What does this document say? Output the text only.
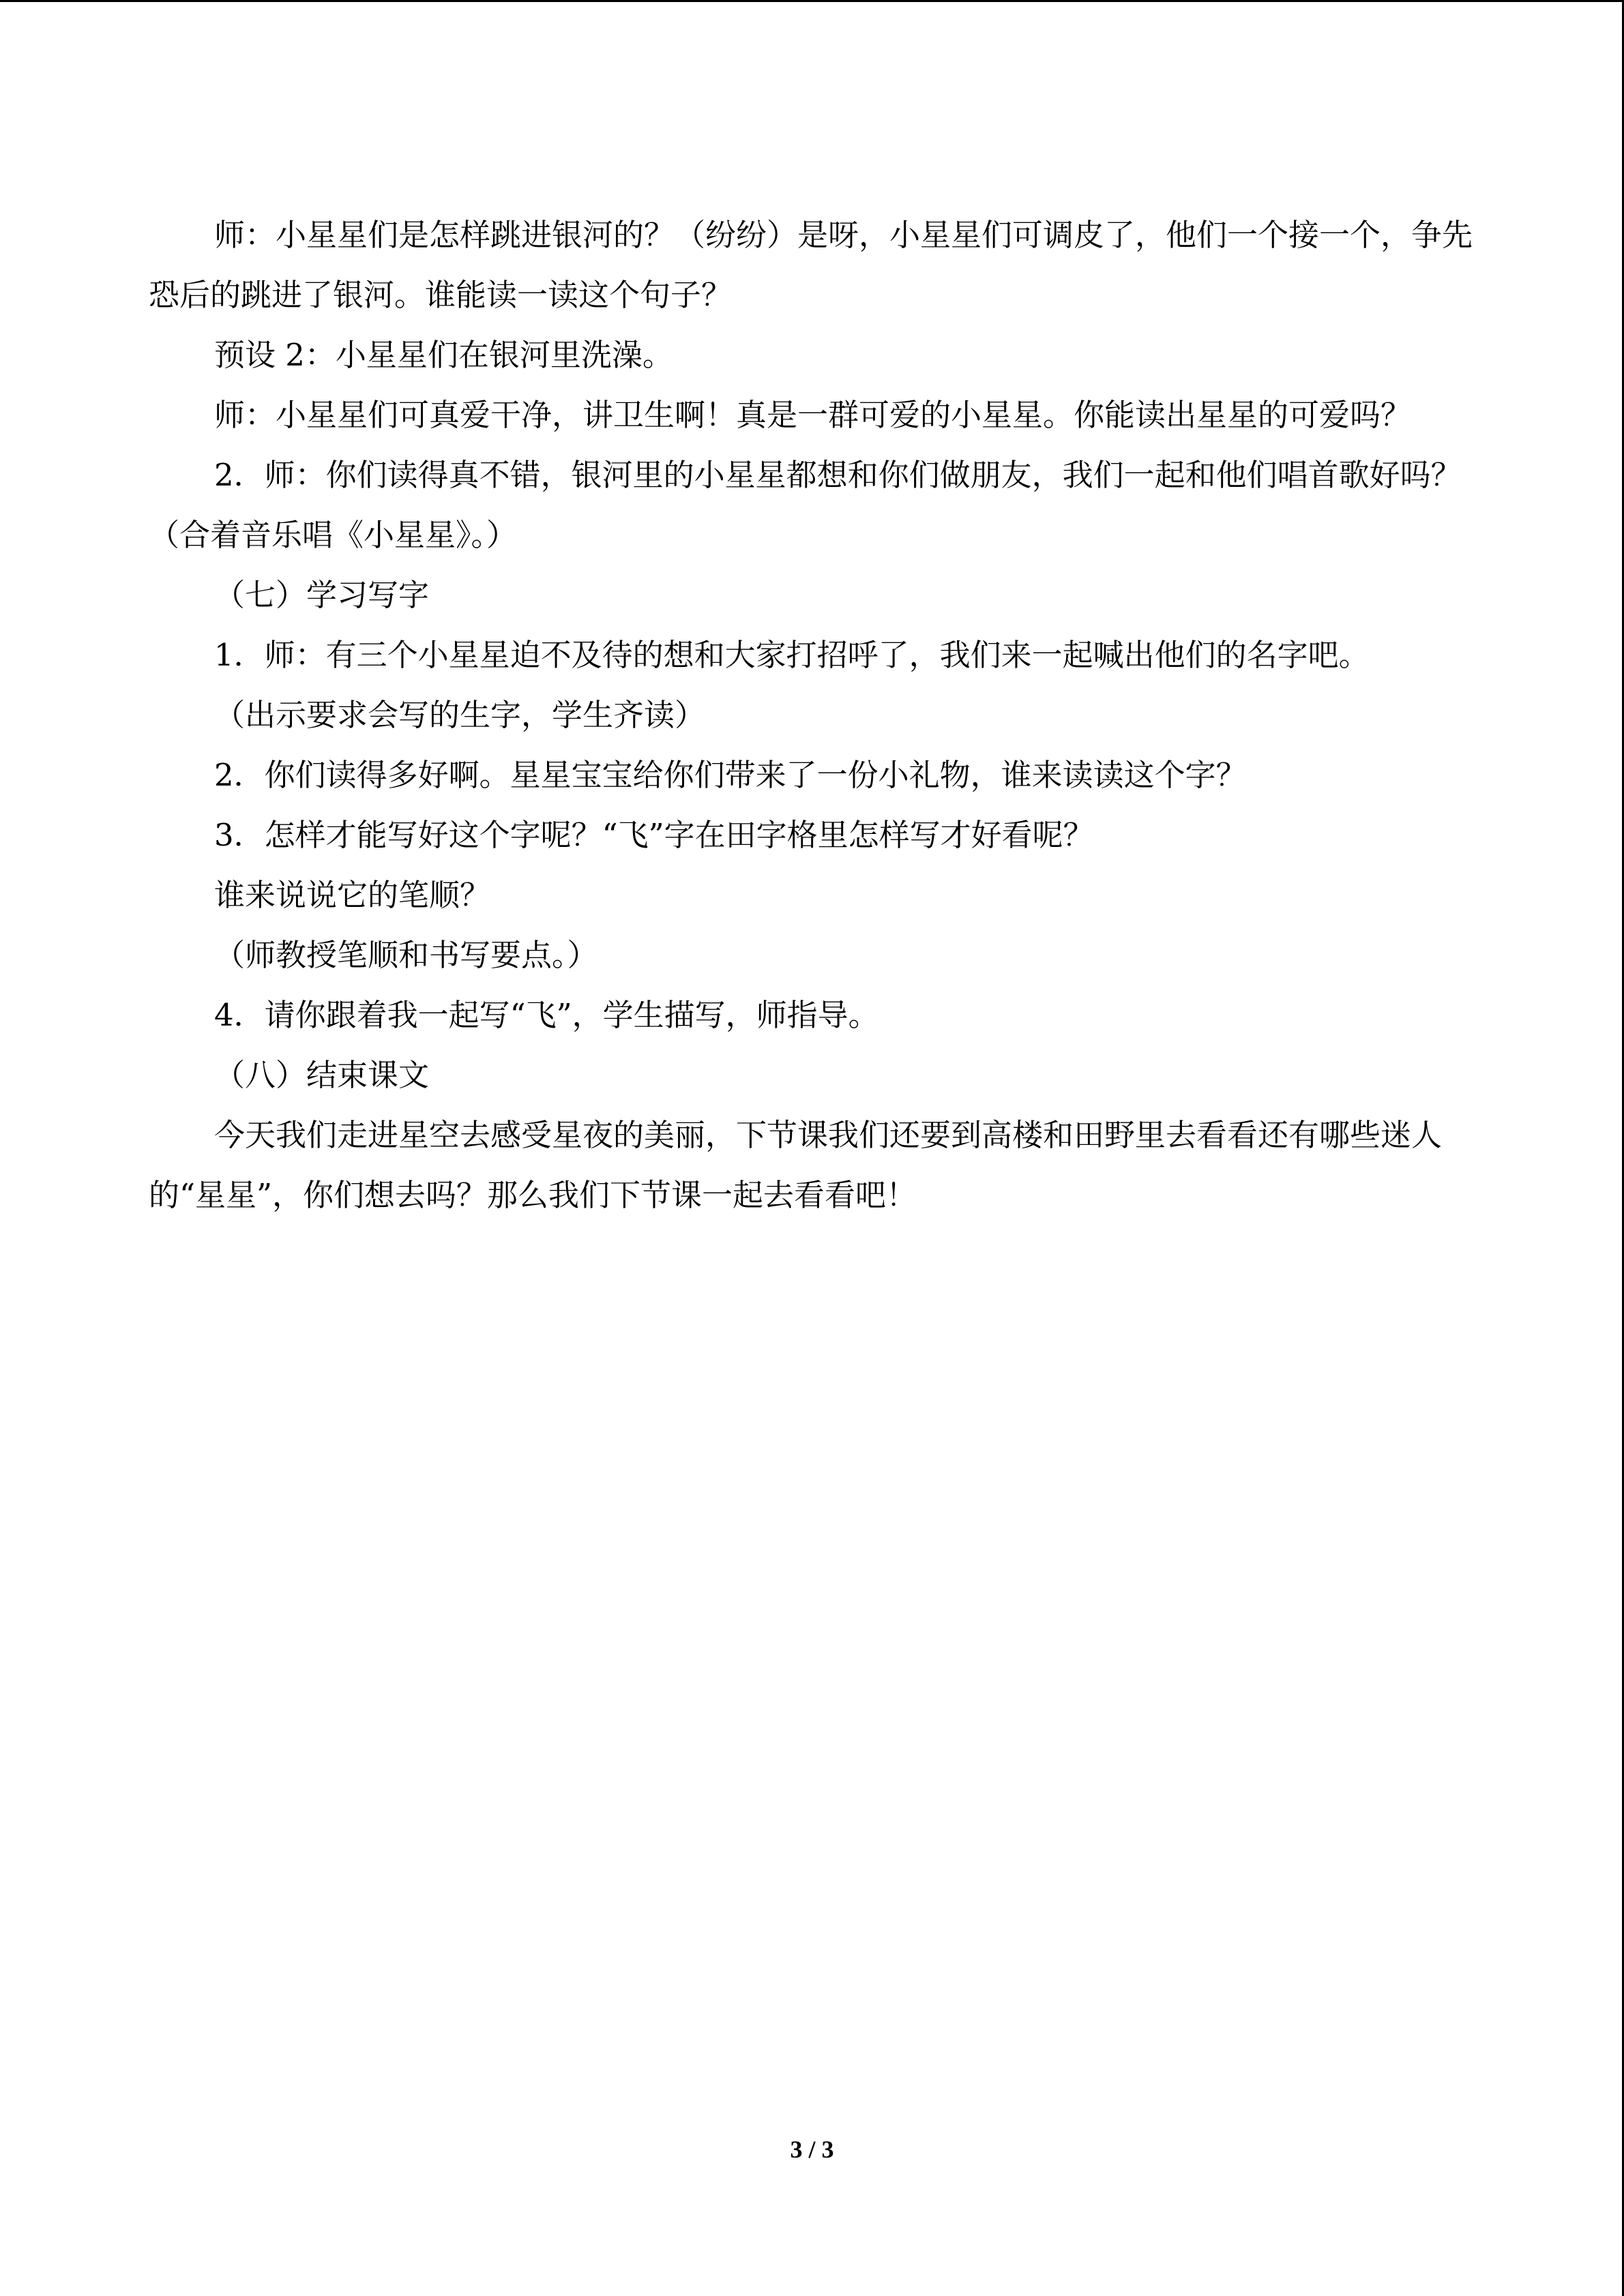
师：小星星们是怎样跳进银河的？（纷纷）是呀，小星星们可调皮了，他们一个接一个，争先恐后的跳进了银河。谁能读一读这个句子？

预设 2：小星星们在银河里洗澡。

师：小星星们可真爱干净，讲卫生啊！真是一群可爱的小星星。你能读出星星的可爱吗？

2．师：你们读得真不错，银河里的小星星都想和你们做朋友，我们一起和他们唱首歌好吗？（合着音乐唱《小星星》。）

（七）学习写字

1．师：有三个小星星迫不及待的想和大家打招呼了，我们来一起喊出他们的名字吧。

（出示要求会写的生字，学生齐读）

2．你们读得多好啊。星星宝宝给你们带来了一份小礼物，谁来读读这个字？

3．怎样才能写好这个字呢？“飞”字在田字格里怎样写才好看呢？

谁来说说它的笔顺？

（师教授笔顺和书写要点。）

4．请你跟着我一起写“飞”，学生描写，师指导。

（八）结束课文

今天我们走进星空去感受星夜的美丽，下节课我们还要到高楼和田野里去看看还有哪些迷人的“星星”，你们想去吗？那么我们下节课一起去看看吧！

3 / 3
